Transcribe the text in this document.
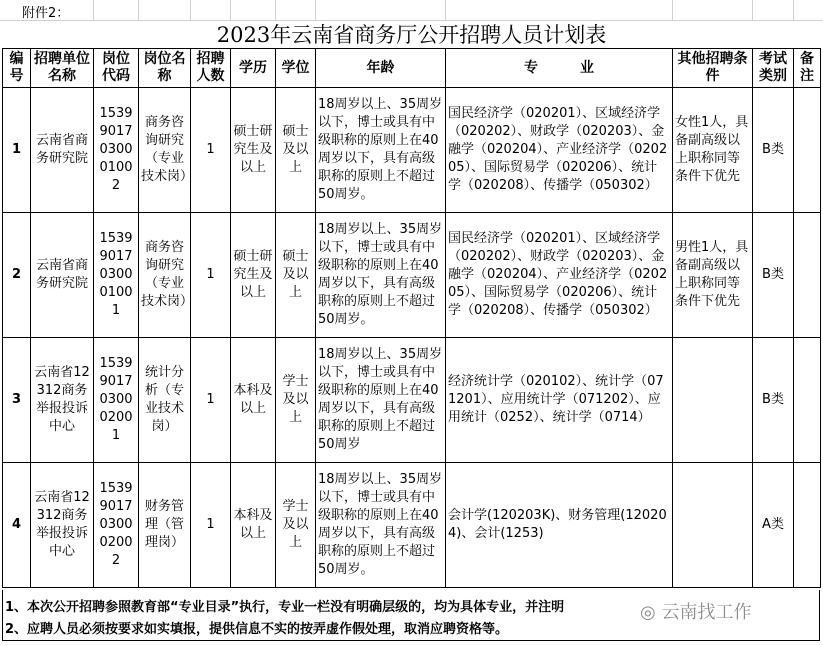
附件2：
2023年云南省商务厅公开招聘人员计划表
编号	招聘单位名称	岗位代码	岗位名称	招聘人数	学历	学位	年龄	专　　　业	其他招聘条件	考试类别	备注
1	云南省商务研究院	15399017030001002	商务咨询研究（专业技术岗）	1	硕士研究生及以上	硕士及以上	18周岁以上、35周岁以下，博士或具有中级职称的原则上在40周岁以下，具有高级职称的原则上不超过50周岁。	国民经济学（020201）、区域经济学（020202）、财政学（020203）、金融学（020204）、产业经济学（020205）、国际贸易学（020206）、统计学（020208）、传播学（050302）	女性1人，具备副高级以上职称同等条件下优先	B类	
2	云南省商务研究院	15399017030001001	商务咨询研究（专业技术岗）	1	硕士研究生及以上	硕士及以上	18周岁以上、35周岁以下，博士或具有中级职称的原则上在40周岁以下，具有高级职称的原则上不超过50周岁。	国民经济学（020201）、区域经济学（020202）、财政学（020203）、金融学（020204）、产业经济学（020205）、国际贸易学（020206）、统计学（020208）、传播学（050302）	男性1人，具备副高级以上职称同等条件下优先	B类	
3	云南省12312商务举报投诉中心	15399017030002001	统计分析（专业技术岗）	1	本科及以上	学士及以上	18周岁以上、35周岁以下，博士或具有中级职称的原则上在40周岁以下，具有高级职称的原则上不超过50周岁	经济统计学（020102）、统计学（071201）、应用统计学（071202）、应用统计（0252）、统计学（0714）		B类	
4	云南省12312商务举报投诉中心	15399017030002002	财务管理（管理岗）	1	本科及以上	学士及以上	18周岁以上、35周岁以下，博士或具有中级职称的原则上在40周岁以下，具有高级职称的原则上不超过50周岁。	会计学(120203K)、财务管理(120204)、会计(1253)		A类	
1、本次公开招聘参照教育部“专业目录”执行，专业一栏没有明确层级的，均为具体专业，并注明
2、应聘人员必须按要求如实填报，提供信息不实的按弄虚作假处理，取消应聘资格等。
◎ 云南找工作
